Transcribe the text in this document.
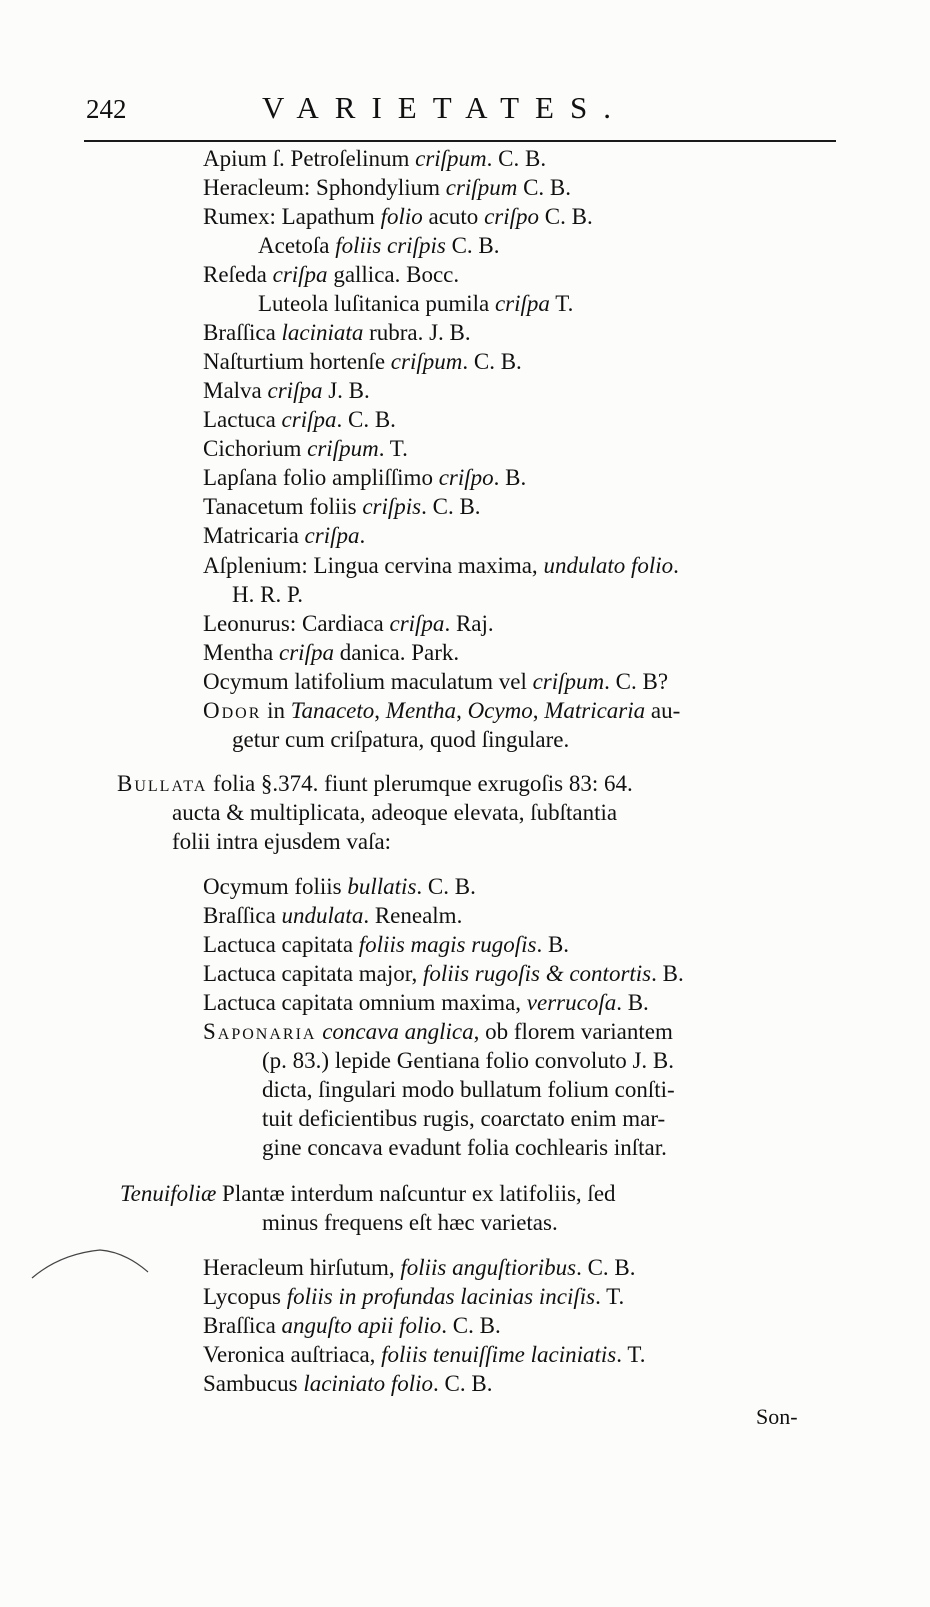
242	VARIETATES.
Apium ſ. Petroſelinum criſpum. C. B.
Heracleum: Sphondylium criſpum C. B.
Rumex: Lapathum folio acuto criſpo C. B.
Acetoſa foliis criſpis C. B.
Reſeda criſpa gallica. Bocc.
Luteola luſitanica pumila criſpa T.
Braſſica laciniata rubra. J. B.
Naſturtium hortenſe criſpum. C. B.
Malva criſpa J. B.
Lactuca criſpa. C. B.
Cichorium criſpum. T.
Lapſana folio ampliſſimo criſpo. B.
Tanacetum foliis criſpis. C. B.
Matricaria criſpa.
Aſplenium: Lingua cervina maxima, undulato folio.
H. R. P.
Leonurus: Cardiaca criſpa. Raj.
Mentha criſpa danica. Park.
Ocymum latifolium maculatum vel criſpum. C. B?
Odor in Tanaceto, Mentha, Ocymo, Matricaria au-
getur cum criſpatura, quod ſingulare.
Bullata folia §.374. fiunt plerumque exrugoſis 83: 64.
aucta & multiplicata, adeoque elevata, ſubſtantia
folii intra ejusdem vaſa:
Ocymum foliis bullatis. C. B.
Braſſica undulata. Renealm.
Lactuca capitata foliis magis rugoſis. B.
Lactuca capitata major, foliis rugoſis & contortis. B.
Lactuca capitata omnium maxima, verrucoſa. B.
Saponaria concava anglica, ob florem variantem
(p. 83.) lepide Gentiana folio convoluto J. B.
dicta, ſingulari modo bullatum folium conſti-
tuit deficientibus rugis, coarctato enim mar-
gine concava evadunt folia cochlearis inſtar.
Tenuifoliæ Plantæ interdum naſcuntur ex latifoliis, ſed
minus frequens eſt hæc varietas.
Heracleum hirſutum, foliis anguſtioribus. C. B.
Lycopus foliis in profundas lacinias inciſis. T.
Braſſica anguſto apii folio. C. B.
Veronica auſtriaca, foliis tenuiſſime laciniatis. T.
Sambucus laciniato folio. C. B.
Son-
